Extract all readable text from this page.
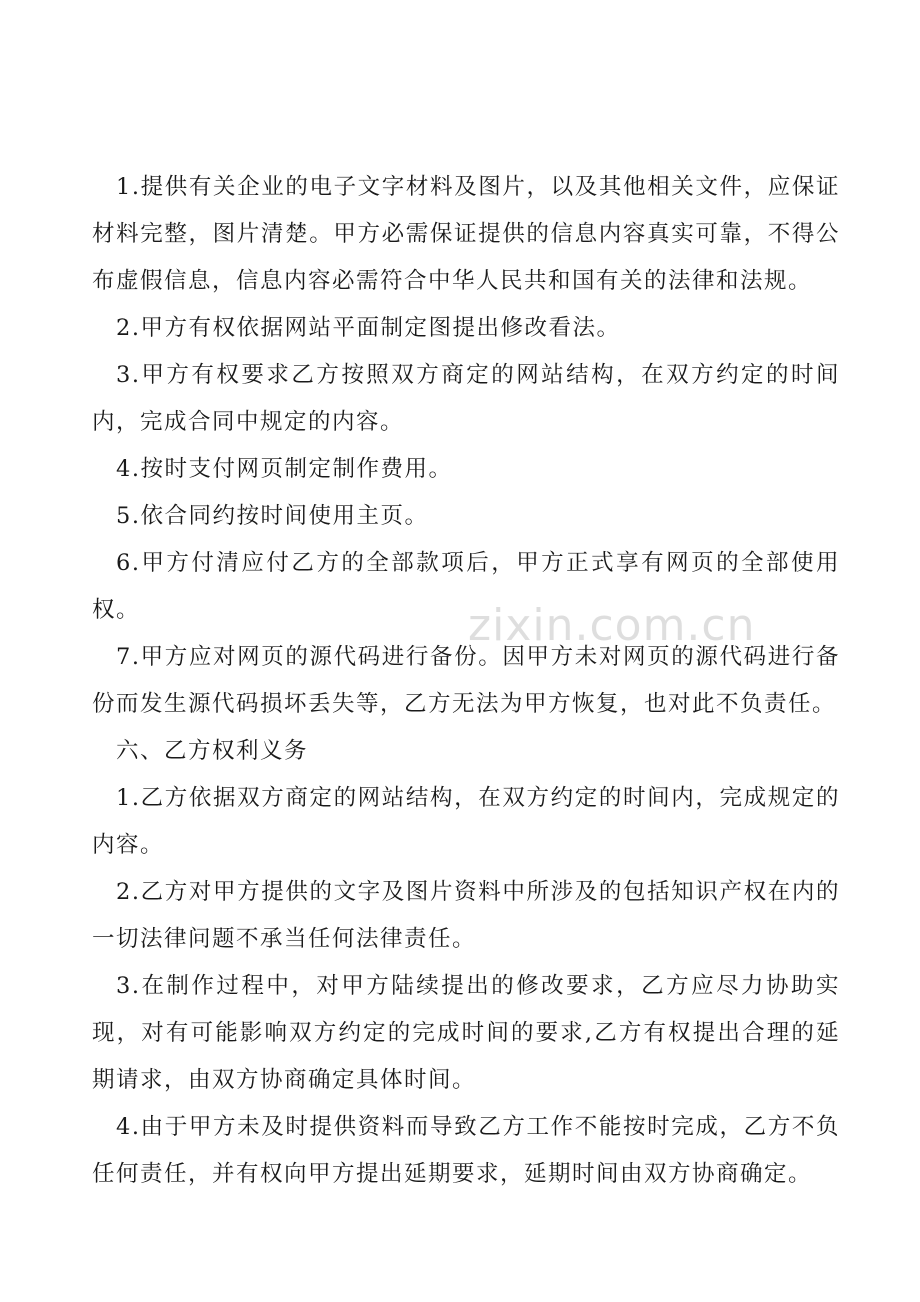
1.提供有关企业的电子文字材料及图片，以及其他相关文件，应保证材料完整，图片清楚。甲方必需保证提供的信息内容真实可靠，不得公布虚假信息，信息内容必需符合中华人民共和国有关的法律和法规。

2.甲方有权依据网站平面制定图提出修改看法。

3.甲方有权要求乙方按照双方商定的网站结构，在双方约定的时间内，完成合同中规定的内容。

4.按时支付网页制定制作费用。

5.依合同约按时间使用主页。

6.甲方付清应付乙方的全部款项后，甲方正式享有网页的全部使用权。

7.甲方应对网页的源代码进行备份。因甲方未对网页的源代码进行备份而发生源代码损坏丢失等，乙方无法为甲方恢复，也对此不负责任。

六、乙方权利义务

1.乙方依据双方商定的网站结构，在双方约定的时间内，完成规定的内容。

2.乙方对甲方提供的文字及图片资料中所涉及的包括知识产权在内的一切法律问题不承当任何法律责任。

3.在制作过程中，对甲方陆续提出的修改要求，乙方应尽力协助实现，对有可能影响双方约定的完成时间的要求,乙方有权提出合理的延期请求，由双方协商确定具体时间。

4.由于甲方未及时提供资料而导致乙方工作不能按时完成，乙方不负任何责任，并有权向甲方提出延期要求，延期时间由双方协商确定。

zixin.com.cn
